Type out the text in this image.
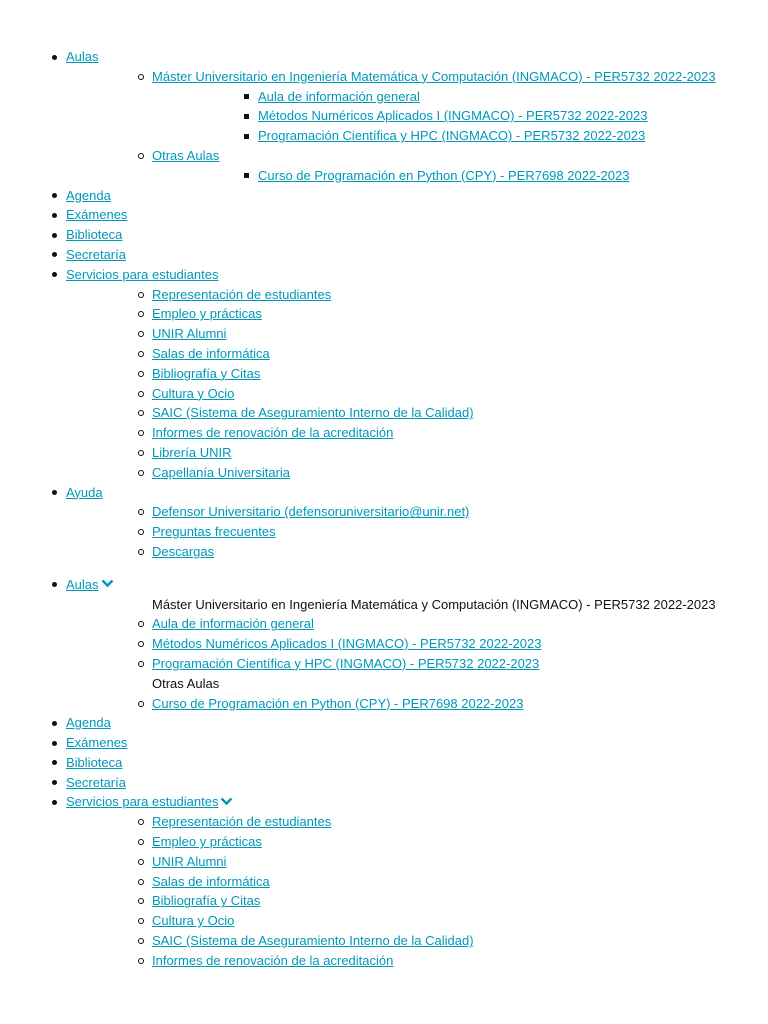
Aulas
Máster Universitario en Ingeniería Matemática y Computación (INGMACO) - PER5732 2022-2023
Aula de información general
Métodos Numéricos Aplicados I (INGMACO) - PER5732 2022-2023
Programación Científica y HPC (INGMACO) - PER5732 2022-2023
Otras Aulas
Curso de Programación en Python (CPY) - PER7698 2022-2023
Agenda
Exámenes
Biblioteca
Secretaría
Servicios para estudiantes
Representación de estudiantes
Empleo y prácticas
UNIR Alumni
Salas de informática
Bibliografía y Citas
Cultura y Ocio
SAIC (Sistema de Aseguramiento Interno de la Calidad)
Informes de renovación de la acreditación
Librería UNIR
Capellanía Universitaria
Ayuda
Defensor Universitario (defensoruniversitario@unir.net)
Preguntas frecuentes
Descargas
Aulas
Máster Universitario en Ingeniería Matemática y Computación (INGMACO) - PER5732 2022-2023
Aula de información general
Métodos Numéricos Aplicados I (INGMACO) - PER5732 2022-2023
Programación Científica y HPC (INGMACO) - PER5732 2022-2023
Otras Aulas
Curso de Programación en Python (CPY) - PER7698 2022-2023
Agenda
Exámenes
Biblioteca
Secretaría
Servicios para estudiantes
Representación de estudiantes
Empleo y prácticas
UNIR Alumni
Salas de informática
Bibliografía y Citas
Cultura y Ocio
SAIC (Sistema de Aseguramiento Interno de la Calidad)
Informes de renovación de la acreditación
